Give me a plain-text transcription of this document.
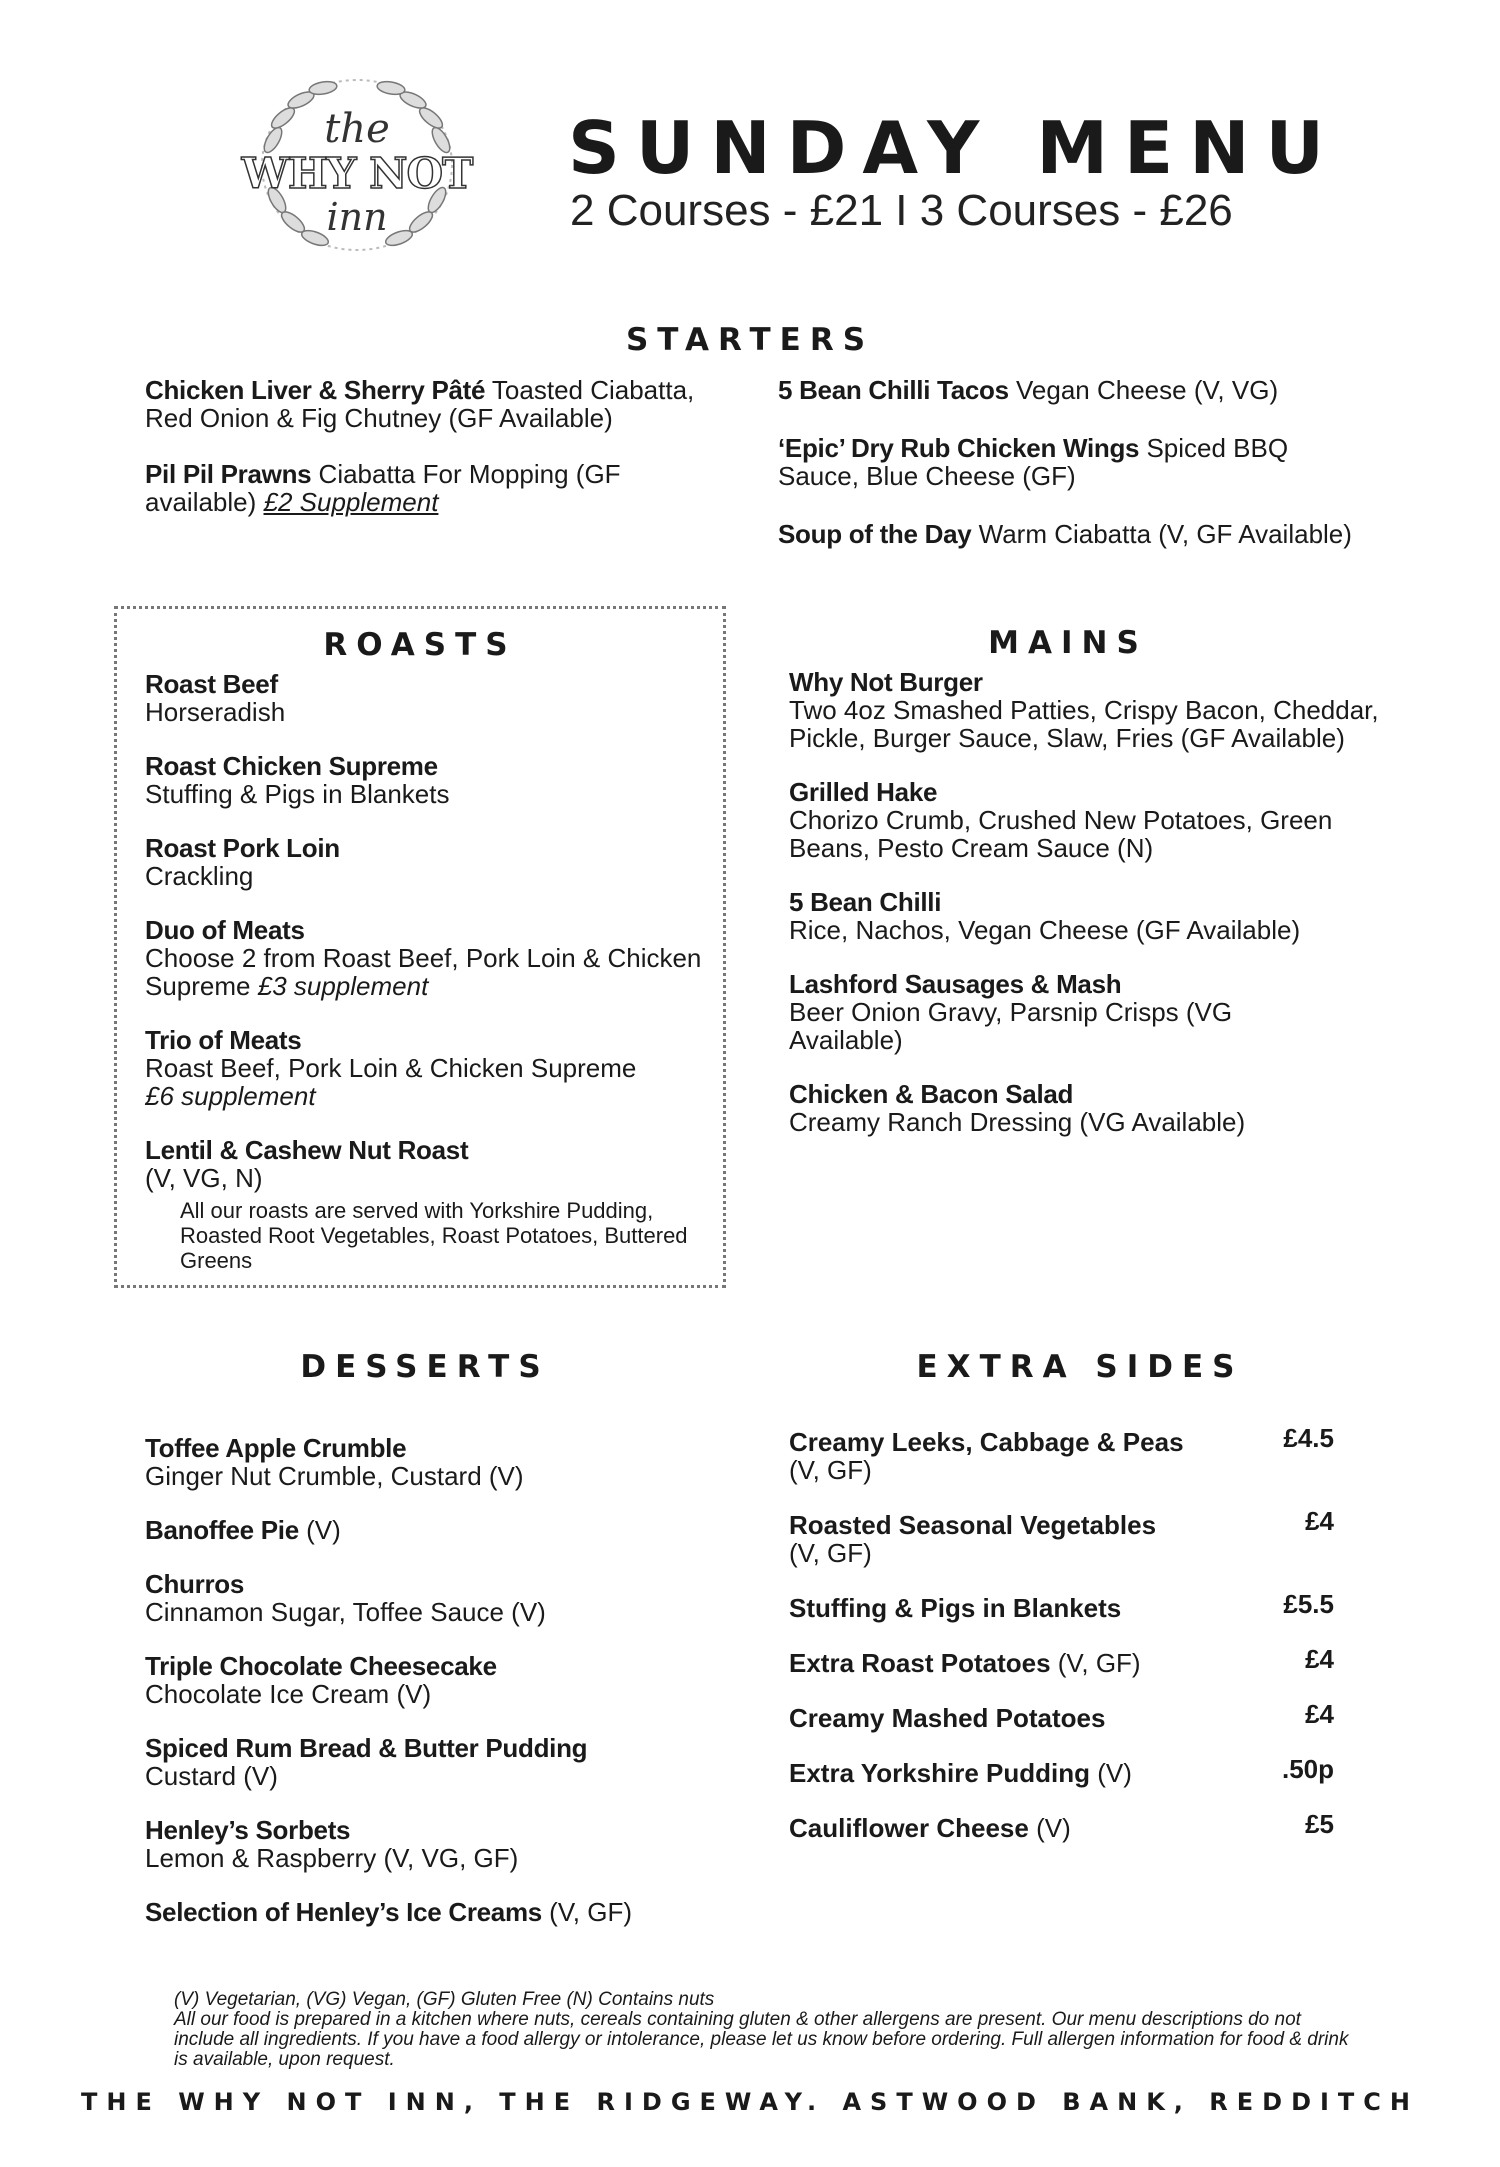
the
WHY NOT
inn
SUNDAY MENU
2 Courses - £21 I 3 Courses - £26
STARTERS
Chicken Liver & Sherry Pâté Toasted Ciabatta, Red Onion & Fig Chutney (GF Available)
Pil Pil Prawns Ciabatta For Mopping (GF available) £2 Supplement
5 Bean Chilli Tacos Vegan Cheese (V, VG)
‘Epic’ Dry Rub Chicken Wings Spiced BBQ Sauce, Blue Cheese (GF)
Soup of the Day Warm Ciabatta (V, GF Available)
ROASTS
Roast Beef
Horseradish
Roast Chicken Supreme
Stuffing & Pigs in Blankets
Roast Pork Loin
Crackling
Duo of Meats
Choose 2 from Roast Beef, Pork Loin & Chicken Supreme £3 supplement
Trio of Meats
Roast Beef, Pork Loin & Chicken Supreme
£6 supplement
Lentil & Cashew Nut Roast
(V, VG, N)
All our roasts are served with Yorkshire Pudding, Roasted Root Vegetables, Roast Potatoes, Buttered Greens
MAINS
Why Not Burger
Two 4oz Smashed Patties, Crispy Bacon, Cheddar, Pickle, Burger Sauce, Slaw, Fries (GF Available)
Grilled Hake
Chorizo Crumb, Crushed New Potatoes, Green Beans, Pesto Cream Sauce (N)
5 Bean Chilli
Rice, Nachos, Vegan Cheese (GF Available)
Lashford Sausages & Mash
Beer Onion Gravy, Parsnip Crisps (VG Available)
Chicken & Bacon Salad
Creamy Ranch Dressing (VG Available)
DESSERTS
Toffee Apple Crumble
Ginger Nut Crumble, Custard (V)
Banoffee Pie (V)
Churros
Cinnamon Sugar, Toffee Sauce (V)
Triple Chocolate Cheesecake
Chocolate Ice Cream (V)
Spiced Rum Bread & Butter Pudding
Custard (V)
Henley’s Sorbets
Lemon & Raspberry (V, VG, GF)
Selection of Henley’s Ice Creams (V, GF)
EXTRA SIDES
Creamy Leeks, Cabbage & Peas
(V, GF)
£4.5
Roasted Seasonal Vegetables
(V, GF)
£4
Stuffing & Pigs in Blankets	£5.5
Extra Roast Potatoes (V, GF)	£4
Creamy Mashed Potatoes	£4
Extra Yorkshire Pudding (V)	.50p
Cauliflower Cheese (V)	£5
(V) Vegetarian, (VG) Vegan, (GF) Gluten Free (N) Contains nuts
All our food is prepared in a kitchen where nuts, cereals containing gluten & other allergens are present. Our menu descriptions do not include all ingredients. If you have a food allergy or intolerance, please let us know before ordering. Full allergen information for food & drink is available, upon request.
THE WHY NOT INN, THE RIDGEWAY. ASTWOOD BANK, REDDITCH
